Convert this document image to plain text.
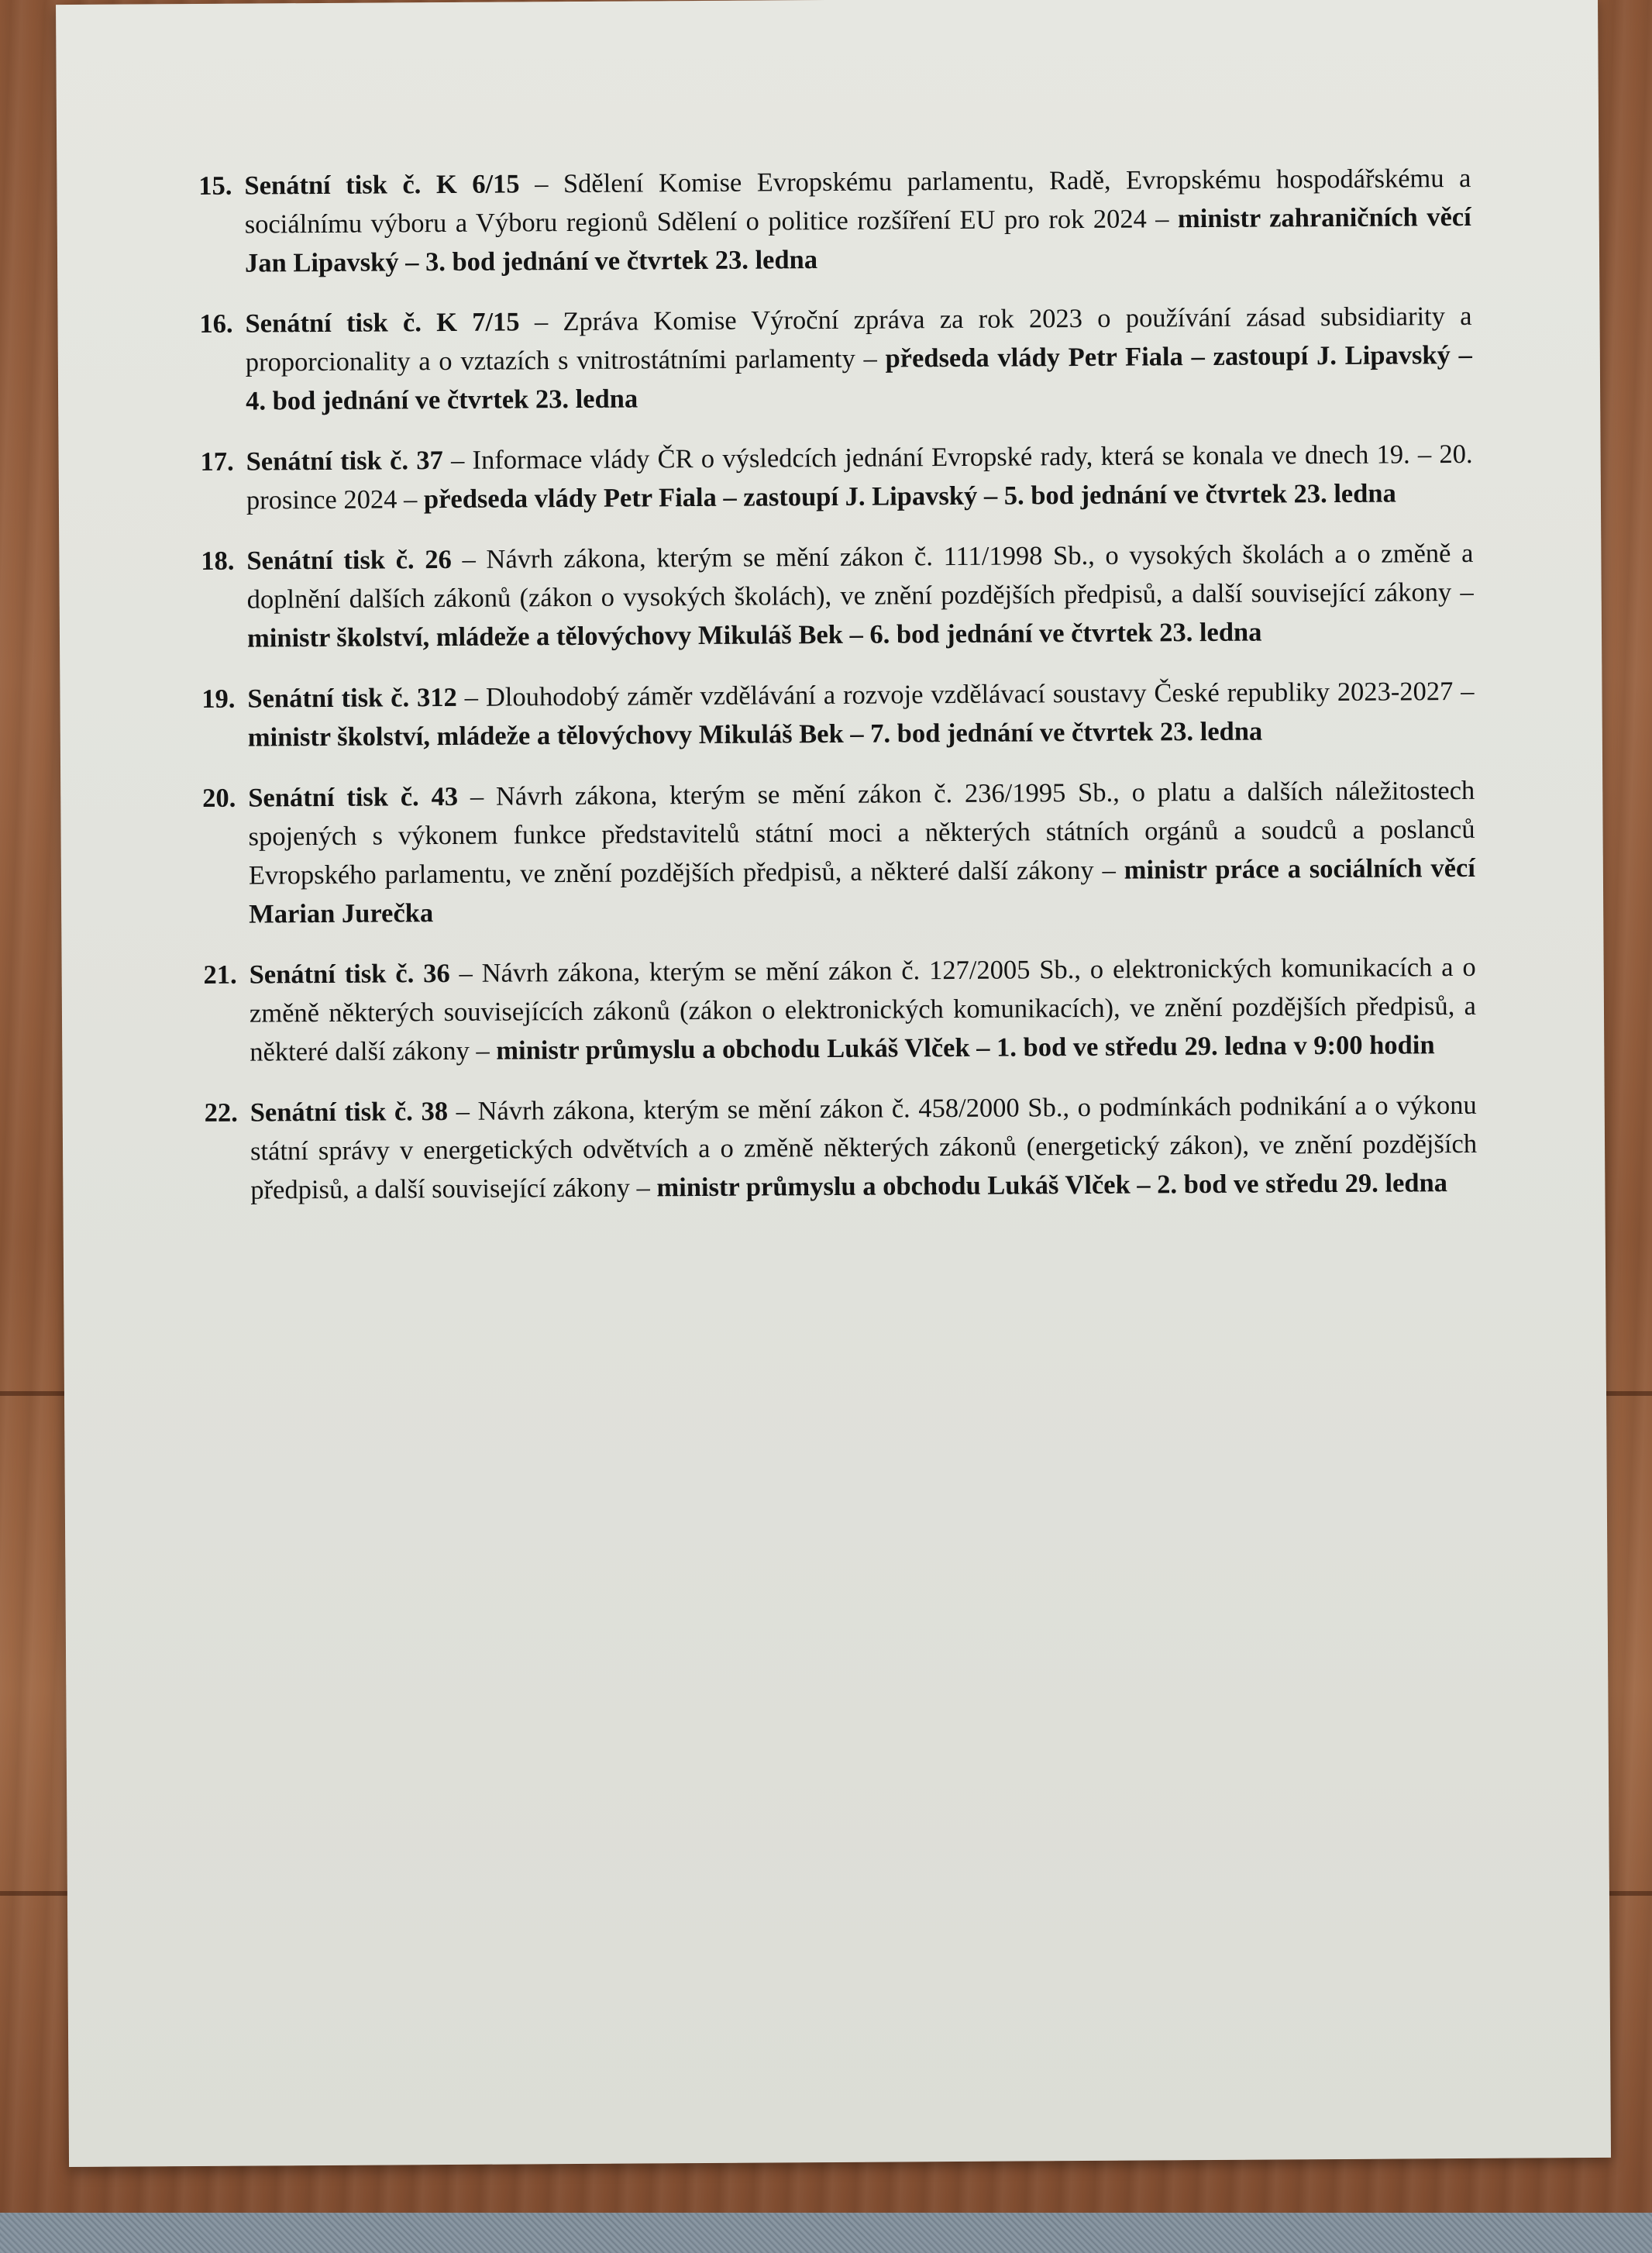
15. Senátní tisk č. K 6/15 – Sdělení Komise Evropskému parlamentu, Radě, Evropskému hospodářskému a sociálnímu výboru a Výboru regionů Sdělení o politice rozšíření EU pro rok 2024 – ministr zahraničních věcí Jan Lipavský – 3. bod jednání ve čtvrtek 23. ledna
16. Senátní tisk č. K 7/15 – Zpráva Komise Výroční zpráva za rok 2023 o používání zásad subsidiarity a proporcionality a o vztazích s vnitrostátními parlamenty – předseda vlády Petr Fiala – zastoupí J. Lipavský – 4. bod jednání ve čtvrtek 23. ledna
17. Senátní tisk č. 37 – Informace vlády ČR o výsledcích jednání Evropské rady, která se konala ve dnech 19. – 20. prosince 2024 – předseda vlády Petr Fiala – zastoupí J. Lipavský – 5. bod jednání ve čtvrtek 23. ledna
18. Senátní tisk č. 26 – Návrh zákona, kterým se mění zákon č. 111/1998 Sb., o vysokých školách a o změně a doplnění dalších zákonů (zákon o vysokých školách), ve znění pozdějších předpisů, a další související zákony – ministr školství, mládeže a tělovýchovy Mikuláš Bek – 6. bod jednání ve čtvrtek 23. ledna
19. Senátní tisk č. 312 – Dlouhodobý záměr vzdělávání a rozvoje vzdělávací soustavy České republiky 2023-2027 – ministr školství, mládeže a tělovýchovy Mikuláš Bek – 7. bod jednání ve čtvrtek 23. ledna
20. Senátní tisk č. 43 – Návrh zákona, kterým se mění zákon č. 236/1995 Sb., o platu a dalších náležitostech spojených s výkonem funkce představitelů státní moci a některých státních orgánů a soudců a poslanců Evropského parlamentu, ve znění pozdějších předpisů, a některé další zákony – ministr práce a sociálních věcí Marian Jurečka
21. Senátní tisk č. 36 – Návrh zákona, kterým se mění zákon č. 127/2005 Sb., o elektronických komunikacích a o změně některých souvisejících zákonů (zákon o elektronických komunikacích), ve znění pozdějších předpisů, a některé další zákony – ministr průmyslu a obchodu Lukáš Vlček – 1. bod ve středu 29. ledna v 9:00 hodin
22. Senátní tisk č. 38 – Návrh zákona, kterým se mění zákon č. 458/2000 Sb., o podmínkách podnikání a o výkonu státní správy v energetických odvětvích a o změně některých zákonů (energetický zákon), ve znění pozdějších předpisů, a další související zákony – ministr průmyslu a obchodu Lukáš Vlček – 2. bod ve středu 29. ledna
